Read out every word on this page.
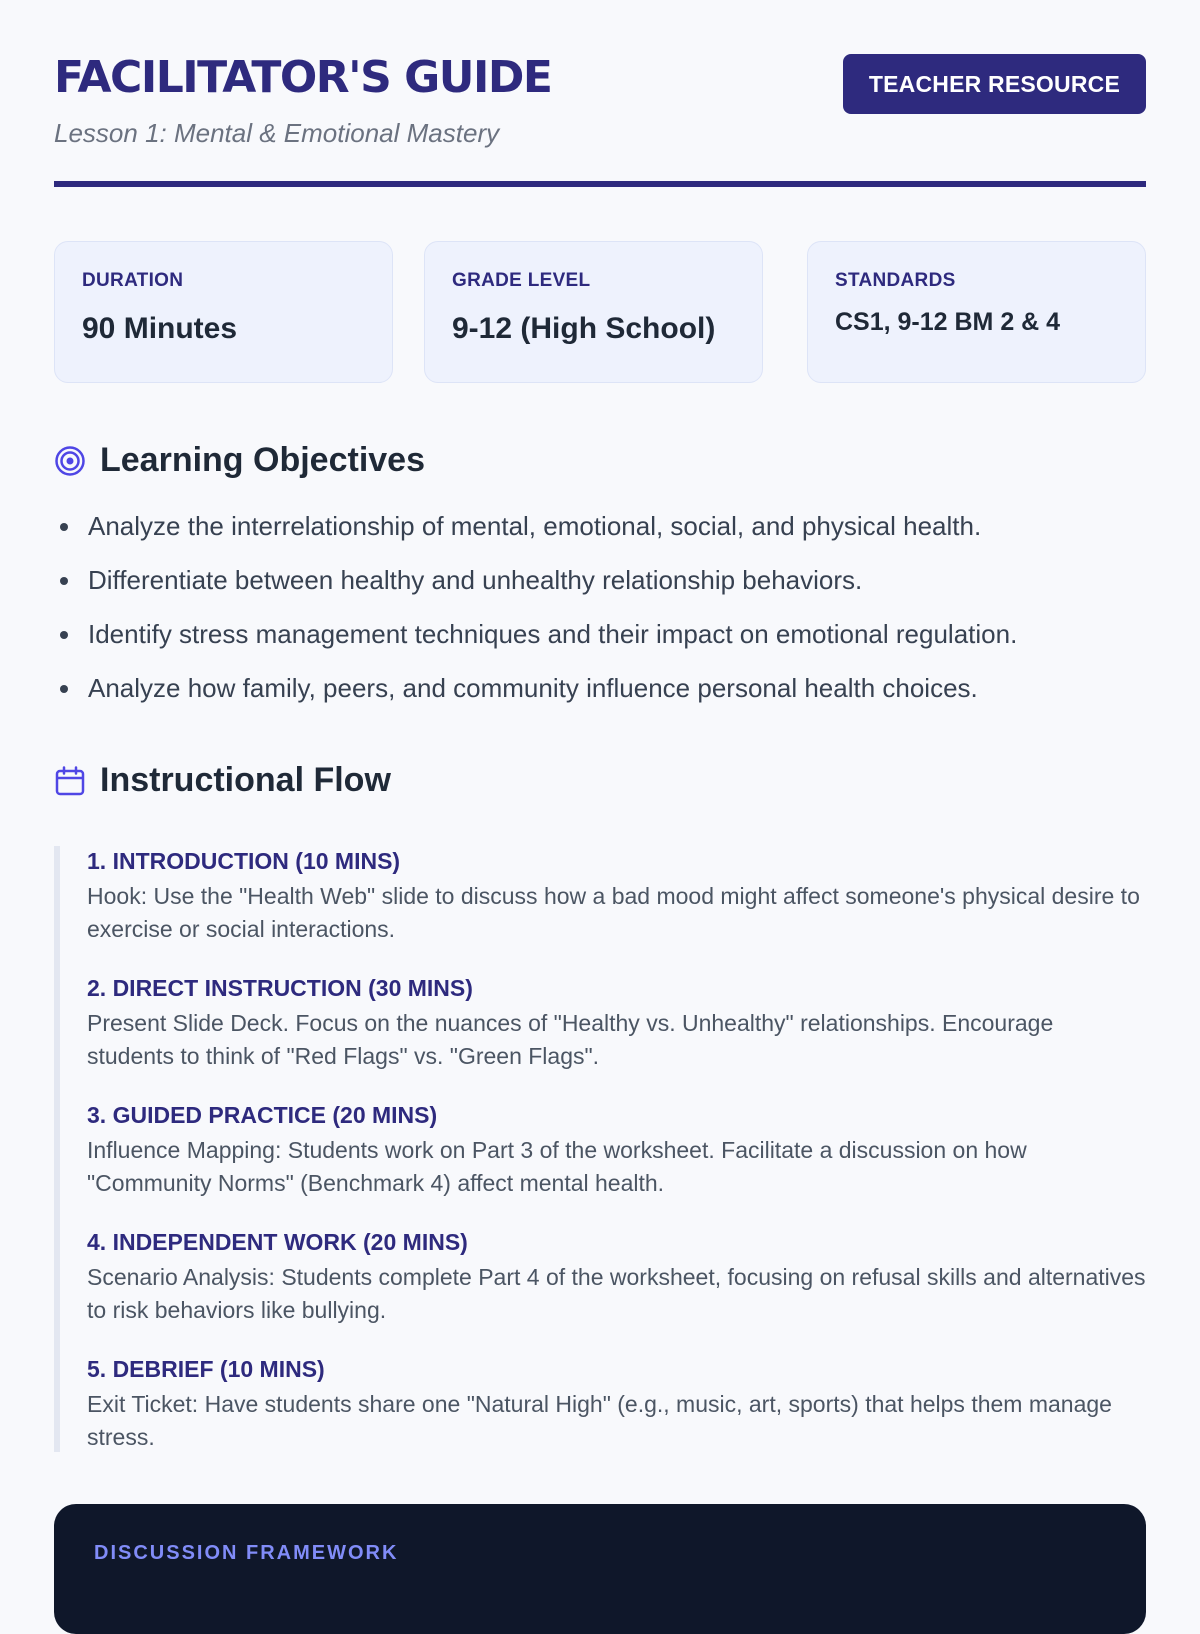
FACILITATOR'S GUIDE
Lesson 1: Mental & Emotional Mastery
TEACHER RESOURCE
DURATION
90 Minutes
GRADE LEVEL
9-12 (High School)
STANDARDS
CS1, 9-12 BM 2 & 4
Learning Objectives
Analyze the interrelationship of mental, emotional, social, and physical health.
Differentiate between healthy and unhealthy relationship behaviors.
Identify stress management techniques and their impact on emotional regulation.
Analyze how family, peers, and community influence personal health choices.
Instructional Flow
1. INTRODUCTION (10 MINS)
Hook: Use the "Health Web" slide to discuss how a bad mood might affect someone's physical desire to exercise or social interactions.
2. DIRECT INSTRUCTION (30 MINS)
Present Slide Deck. Focus on the nuances of "Healthy vs. Unhealthy" relationships. Encourage students to think of "Red Flags" vs. "Green Flags".
3. GUIDED PRACTICE (20 MINS)
Influence Mapping: Students work on Part 3 of the worksheet. Facilitate a discussion on how "Community Norms" (Benchmark 4) affect mental health.
4. INDEPENDENT WORK (20 MINS)
Scenario Analysis: Students complete Part 4 of the worksheet, focusing on refusal skills and alternatives to risk behaviors like bullying.
5. DEBRIEF (10 MINS)
Exit Ticket: Have students share one "Natural High" (e.g., music, art, sports) that helps them manage stress.
DISCUSSION FRAMEWORK
